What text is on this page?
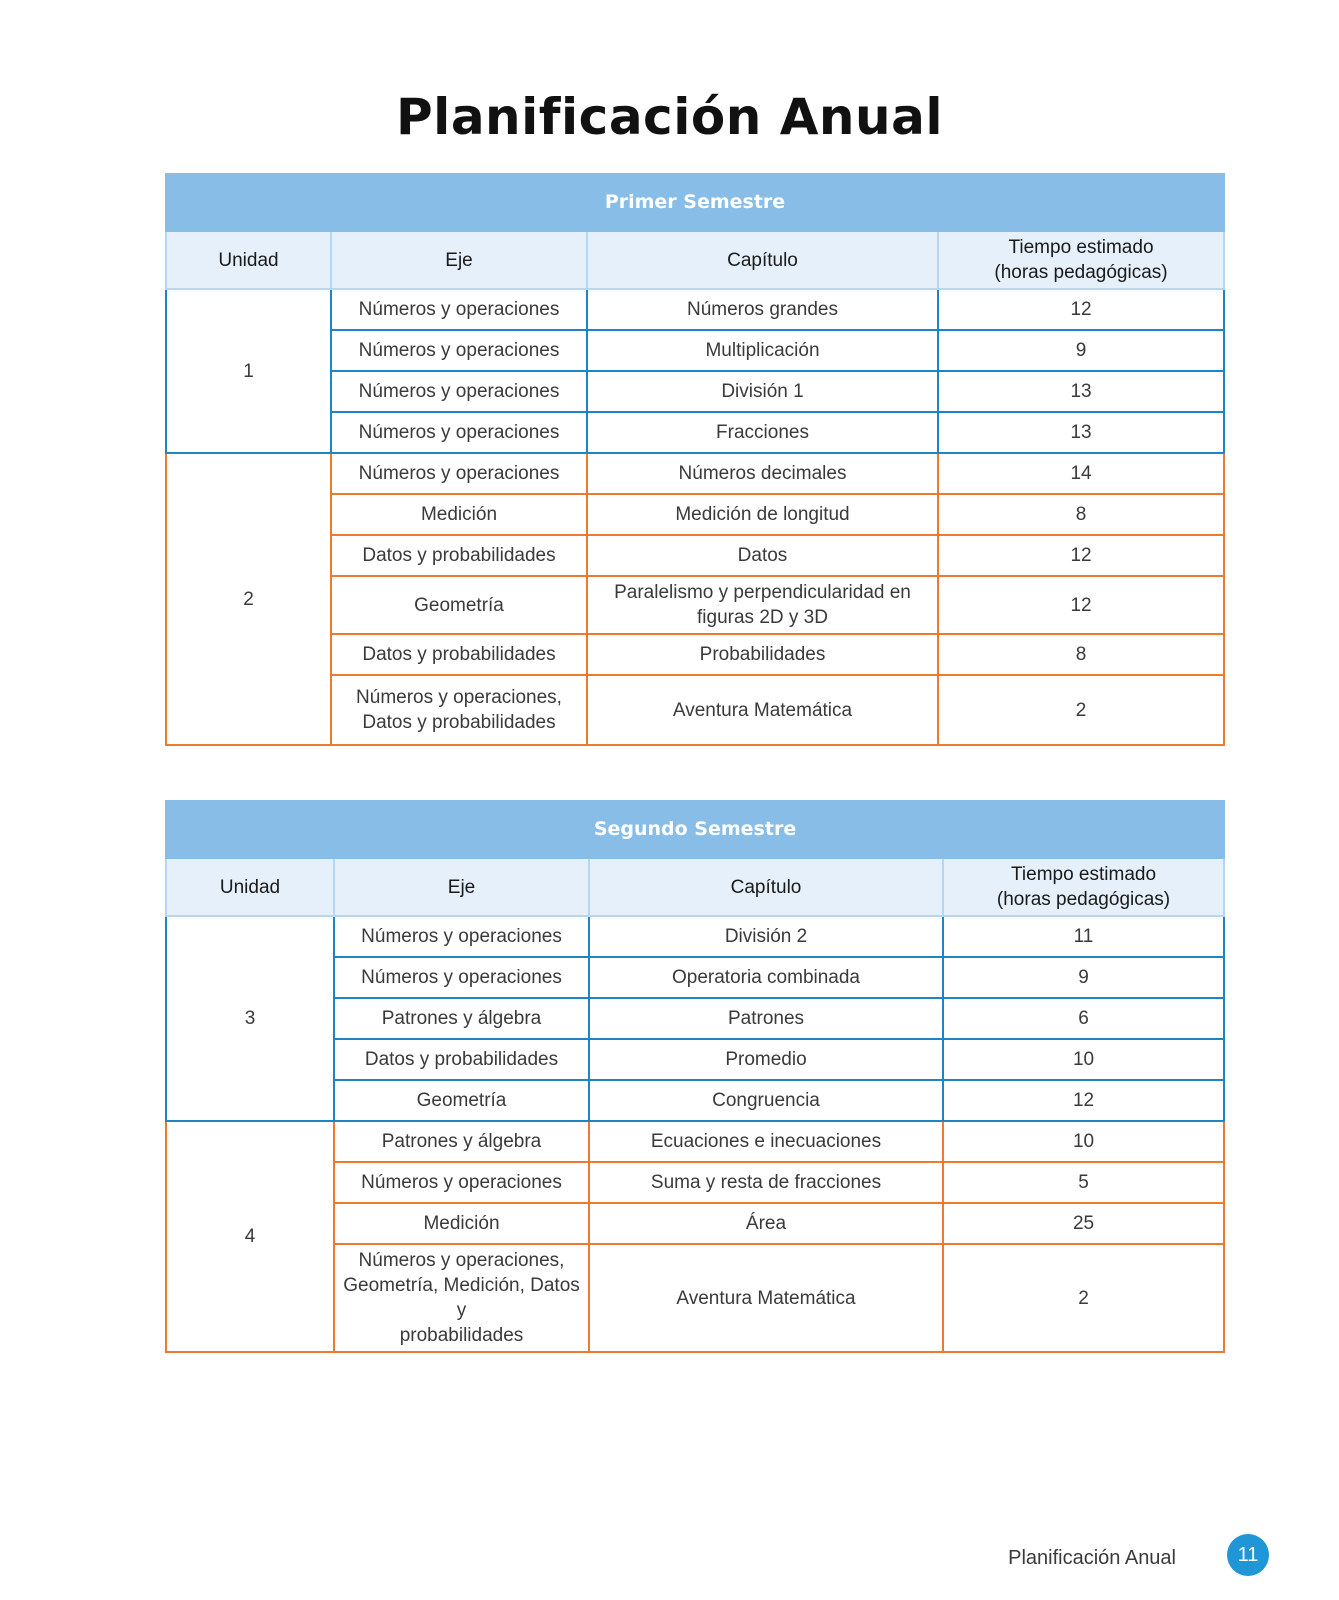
Planificación Anual
Primer Semestre			
Unidad	Eje	Capítulo	Tiempo estimado
(horas pedagógicas)
1	Números y operaciones	Números grandes	12
	Números y operaciones	Multiplicación	9
	Números y operaciones	División 1	13
	Números y operaciones	Fracciones	13
2	Números y operaciones	Números decimales	14
	Medición	Medición de longitud	8
	Datos y probabilidades	Datos	12
	Geometría	Paralelismo y perpendicularidad en
figuras 2D y 3D	12
	Datos y probabilidades	Probabilidades	8
	Números y operaciones,
Datos y probabilidades	Aventura Matemática	2
Segundo Semestre			
Unidad	Eje	Capítulo	Tiempo estimado
(horas pedagógicas)
3	Números y operaciones	División 2	11
	Números y operaciones	Operatoria combinada	9
	Patrones y álgebra	Patrones	6
	Datos y probabilidades	Promedio	10
	Geometría	Congruencia	12
4	Patrones y álgebra	Ecuaciones e inecuaciones	10
	Números y operaciones	Suma y resta de fracciones	5
	Medición	Área	25
	Números y operaciones,
Geometría, Medición, Datos y
probabilidades	Aventura Matemática	2
Planificación Anual	11
